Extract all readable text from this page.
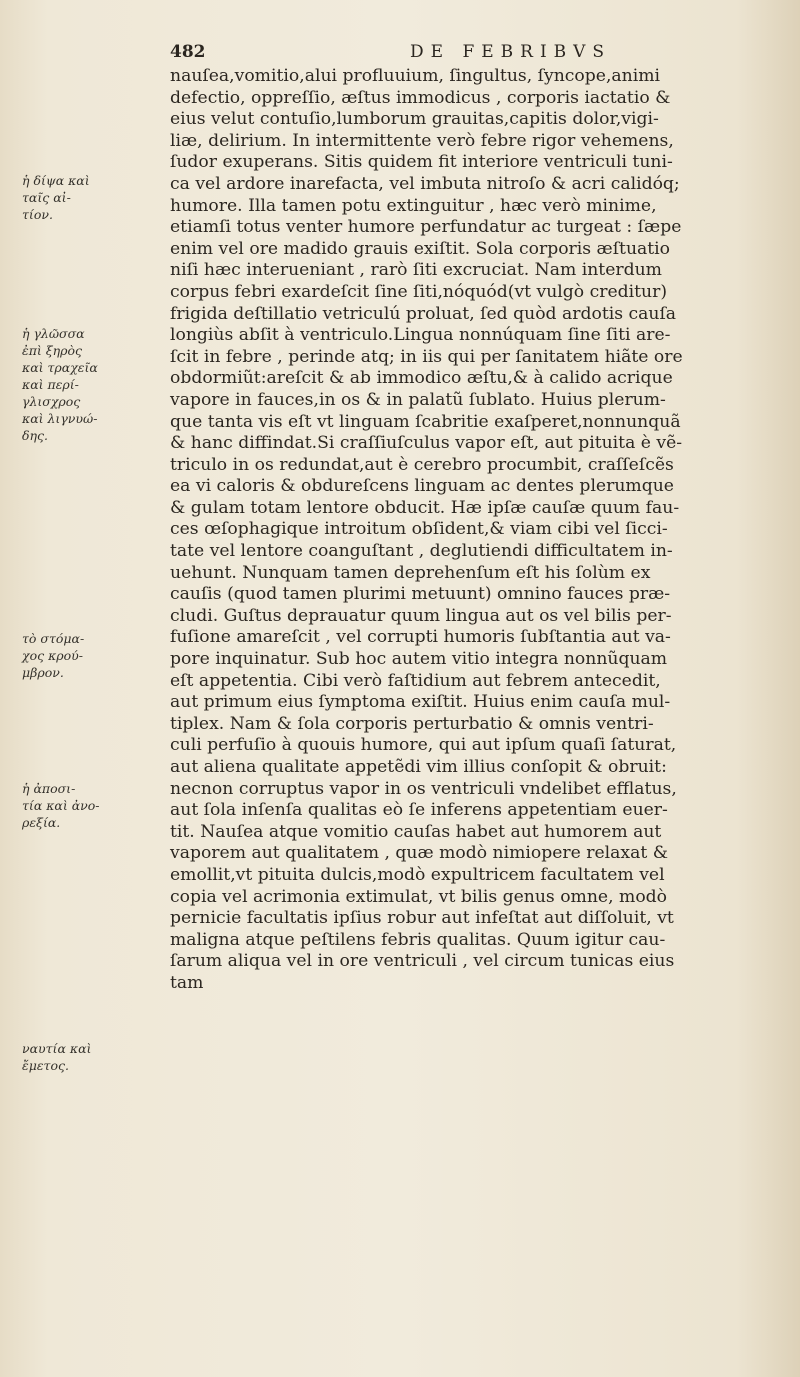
482	DE FEBRIBVS
nauſea,vomitio,alui profluuium, ſingultus, ſyncope,animi
defectio, oppreſſio, æſtus immodicus , corporis iactatio &
eius velut contuſio,lumborum grauitas,capitis dolor,vigi-
liæ, delirium. In intermittente verò febre rigor vehemens,
ſudor exuperans. Sitis quidem fit interiore ventriculi tuni-
ca vel ardore inarefacta, vel imbuta nitroſo & acri calidóq;
humore. Illa tamen potu extinguitur , hæc verò minime,
etiamſi totus venter humore perfundatur ac turgeat : ſæpe
enim vel ore madido grauis exiſtit. Sola corporis æſtuatio
niſi hæc interueniant , rarò ſiti excruciat. Nam interdum
corpus febri exardeſcit ſine ſiti,nóquód(vt vulgò creditur)
frigida deſtillatio vetriculú proluat, ſed quòd ardotis cauſa
longiùs abſit à ventriculo.Lingua nonnúquam ſine ſiti are-
ſcit in febre , perinde atq; in iis qui per ſanitatem hiãte ore
obdormiũt:areſcit & ab immodico æſtu,& à calido acrique
vapore in fauces,in os & in palatũ ſublato. Huius plerum-
que tanta vis eſt vt linguam ſcabritie exaſperet,nonnunquã
& hanc diffindat.Si craſſiuſculus vapor eſt, aut pituita è vẽ-
triculo in os redundat,aut è cerebro procumbit, craſſeſcẽs
ea vi caloris & obdureſcens linguam ac dentes plerumque
& gulam totam lentore obducit. Hæ ipſæ cauſæ quum fau-
ces œſophagique introitum obſident,& viam cibi vel ſicci-
tate vel lentore coanguſtant , deglutiendi difficultatem in-
uehunt. Nunquam tamen deprehenſum eſt his ſolùm ex
cauſis (quod tamen plurimi metuunt) omnino fauces præ-
cludi. Guſtus deprauatur quum lingua aut os vel bilis per-
fuſione amareſcit , vel corrupti humoris ſubſtantia aut va-
pore inquinatur. Sub hoc autem vitio integra nonnũquam
eſt appetentia. Cibi verò faſtidium aut febrem antecedit,
aut primum eius ſymptoma exiſtit. Huius enim cauſa mul-
tiplex. Nam & ſola corporis perturbatio & omnis ventri-
culi perfuſio à quouis humore, qui aut ipſum quaſi ſaturat,
aut aliena qualitate appetẽdi vim illius conſopit & obruit:
necnon corruptus vapor in os ventriculi vndelibet efflatus,
aut ſola inſenſa qualitas eò ſe inferens appetentiam euer-
tit. Nauſea atque vomitio cauſas habet aut humorem aut
vaporem aut qualitatem , quæ modò nimiopere relaxat &
emollit,vt pituita dulcis,modò expultricem facultatem vel
copia vel acrimonia extimulat, vt bilis genus omne, modò
pernicie facultatis ipſius robur aut infeſtat aut diſſoluit, vt
maligna atque peſtilens febris qualitas. Quum igitur cau-
ſarum aliqua vel in ore ventriculi , vel circum tunicas eius
tam
ἡ δίψα καὶ
ταῖς αἰ-
τίον.
ἡ γλῶσσα
ἐπὶ ξηρὸς
καὶ τραχεῖα
καὶ περί-
γλισχρος
καὶ λιγνυώ-
δης.
τὸ στόμα-
χος κρού-
μβρον.
ἡ ἀποσι-
τία καὶ ἀνο-
ρεξία.
ναυτία καὶ
ἔμετος.
